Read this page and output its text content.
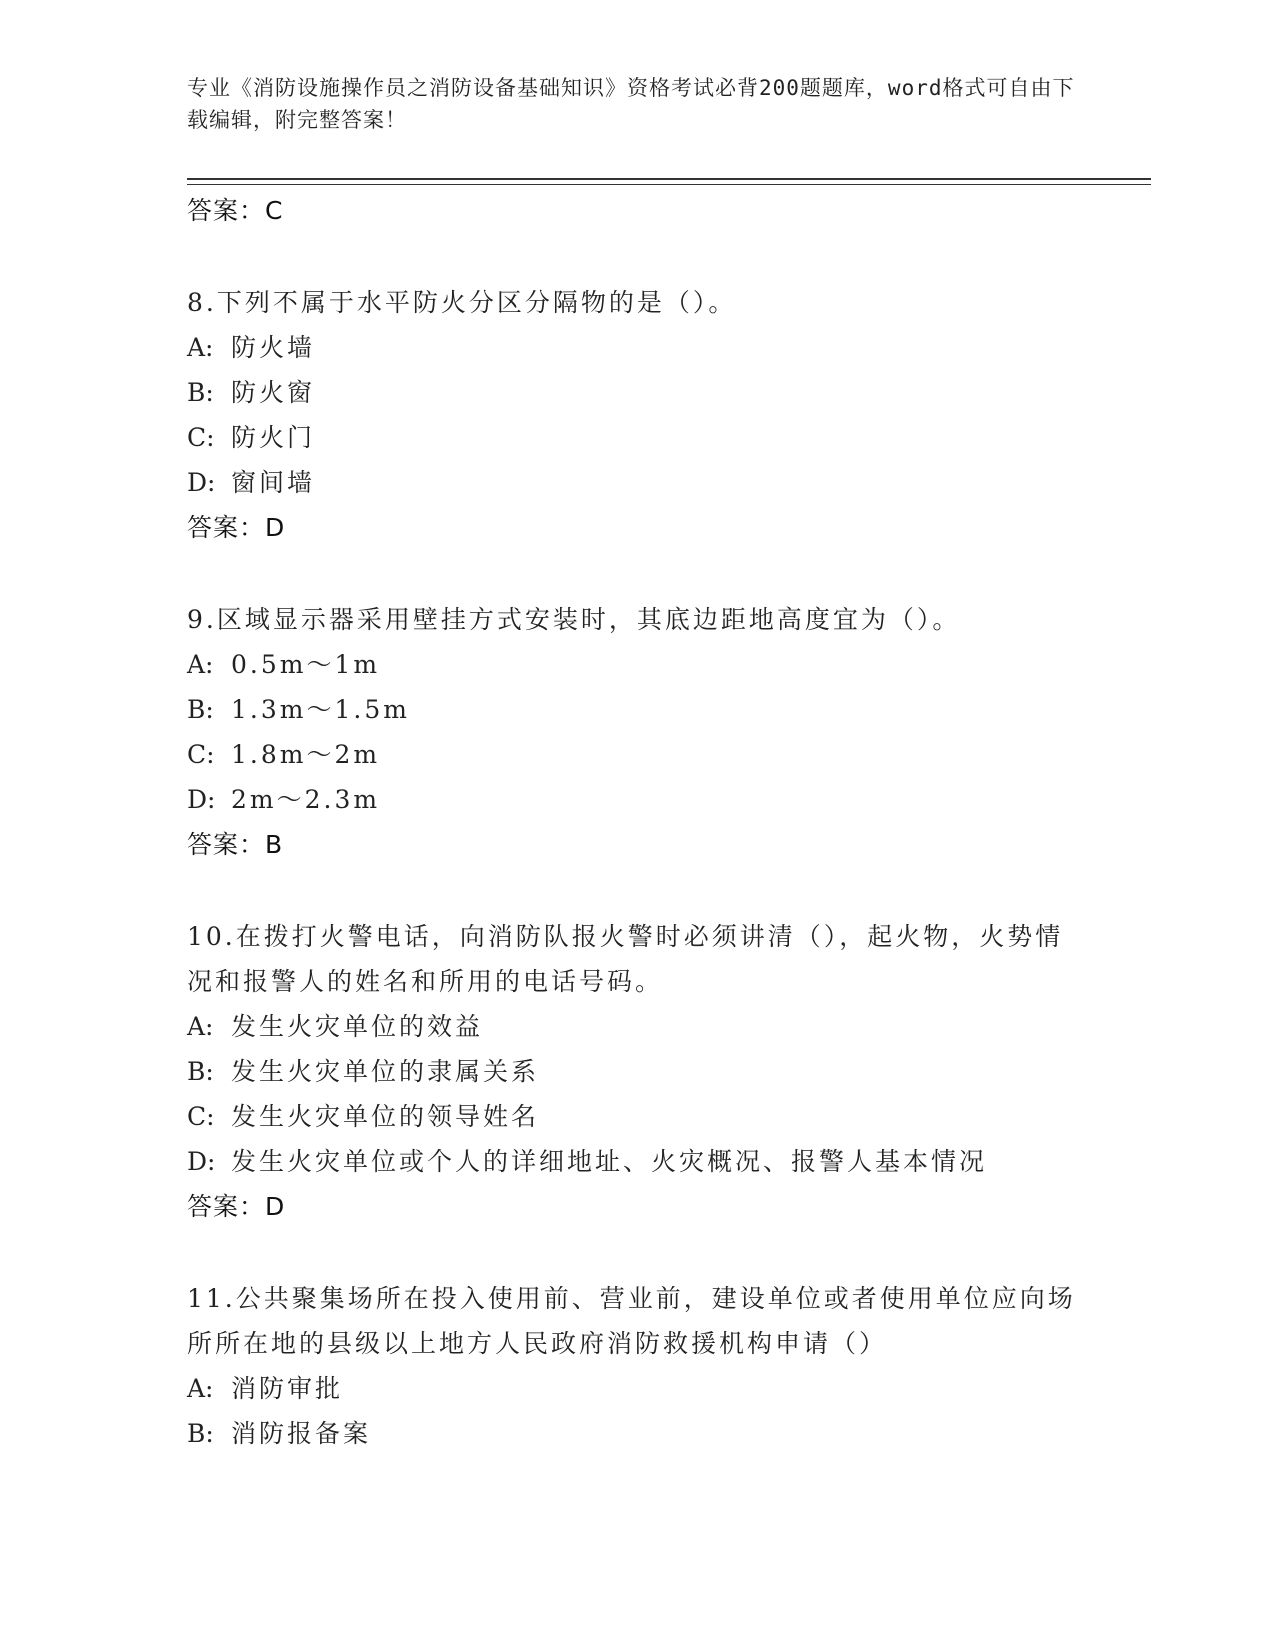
专业《消防设施操作员之消防设备基础知识》资格考试必背200题题库，word格式可自由下载编辑，附完整答案！
答案：C
8.下列不属于水平防火分区分隔物的是（）。
A: 防火墙
B: 防火窗
C: 防火门
D: 窗间墙
答案：D
9.区域显示器采用壁挂方式安装时，其底边距地高度宜为（）。
A: 0.5m～1m
B: 1.3m～1.5m
C: 1.8m～2m
D: 2m～2.3m
答案：B
10.在拨打火警电话，向消防队报火警时必须讲清（），起火物，火势情况和报警人的姓名和所用的电话号码。
A: 发生火灾单位的效益
B: 发生火灾单位的隶属关系
C: 发生火灾单位的领导姓名
D: 发生火灾单位或个人的详细地址、火灾概况、报警人基本情况
答案：D
11.公共聚集场所在投入使用前、营业前，建设单位或者使用单位应向场所所在地的县级以上地方人民政府消防救援机构申请（）
A: 消防审批
B: 消防报备案
